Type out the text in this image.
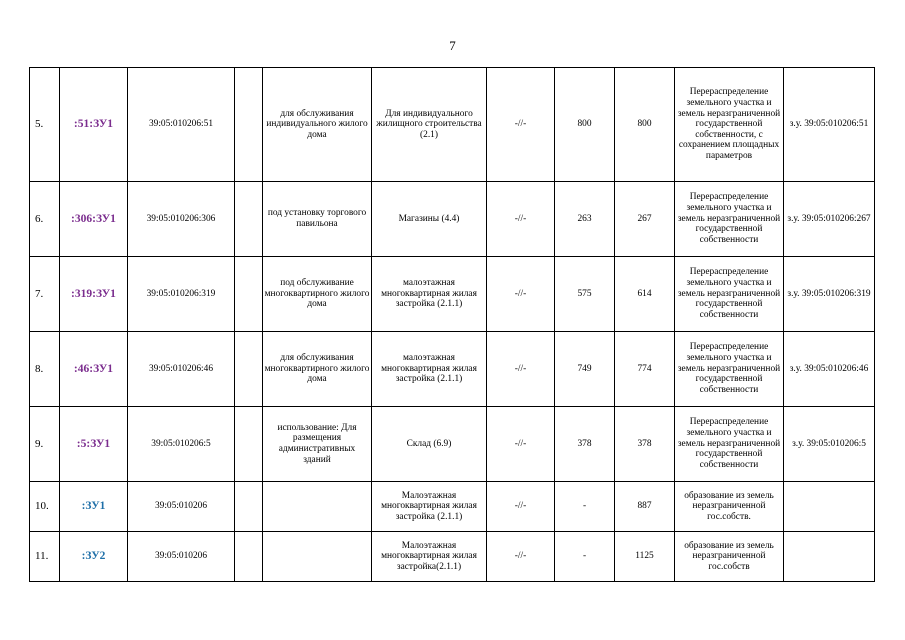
7
5.	:51:ЗУ1	39:05:010206:51		для обслуживания индивидуального жилого дома	Для индивидуального жилищного строительства (2.1)	-//-	800	800	Перераспределение земельного участка и земель неразграниченной государственной собственности, с сохранением площадных параметров	з.у. 39:05:010206:51
6.	:306:ЗУ1	39:05:010206:306		под установку торгового павильона	Магазины (4.4)	-//-	263	267	Перераспределение земельного участка и земель неразграниченной государственной собственности	з.у. 39:05:010206:267
7.	:319:ЗУ1	39:05:010206:319		под обслуживание многоквартирного жилого дома	малоэтажная многоквартирная жилая застройка (2.1.1)	-//-	575	614	Перераспределение земельного участка и земель неразграниченной государственной собственности	з.у. 39:05:010206:319
8.	:46:ЗУ1	39:05:010206:46		для обслуживания многоквартирного жилого дома	малоэтажная многоквартирная жилая застройка (2.1.1)	-//-	749	774	Перераспределение земельного участка и земель неразграниченной государственной собственности	з.у. 39:05:010206:46
9.	:5:ЗУ1	39:05:010206:5		использование: Для размещения административных зданий	Склад (6.9)	-//-	378	378	Перераспределение земельного участка и земель неразграниченной государственной собственности	з.у. 39:05:010206:5
10.	:ЗУ1	39:05:010206			Малоэтажная многоквартирная жилая застройка (2.1.1)	-//-	-	887	образование из земель неразграниченной гос.собств.	
11.	:ЗУ2	39:05:010206			Малоэтажная многоквартирная жилая застройка(2.1.1)	-//-	-	1125	образование из земель неразграниченной гос.собств	
